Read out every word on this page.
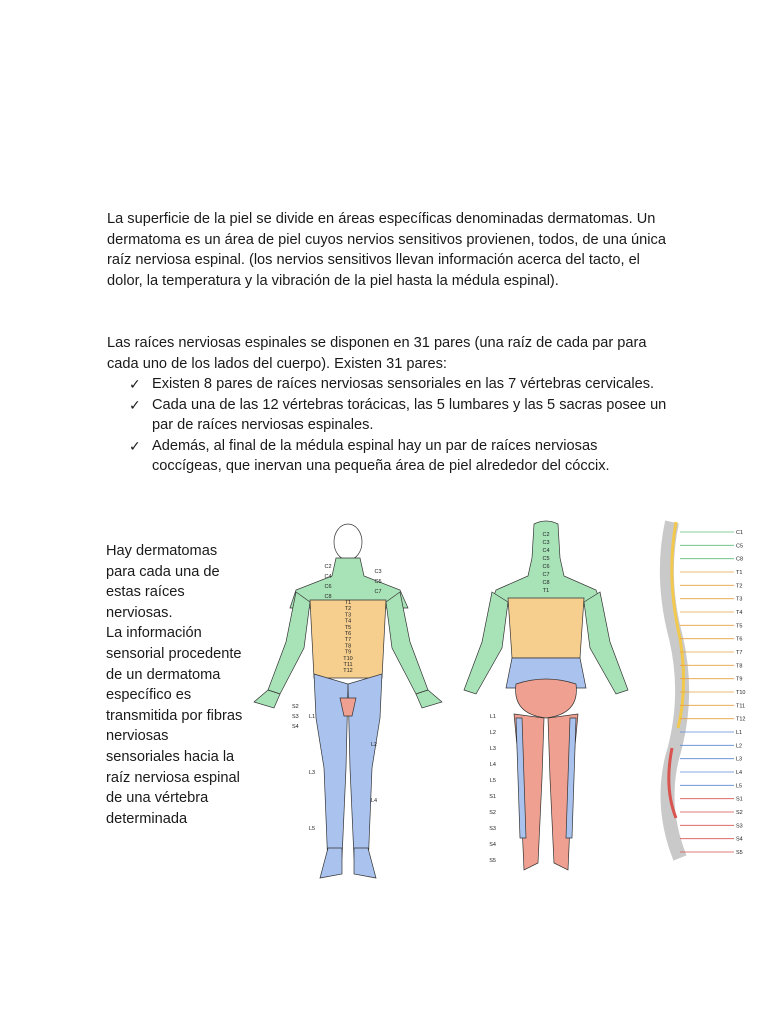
La superficie de la piel se divide en áreas específicas denominadas dermatomas. Un dermatoma es un área de piel cuyos nervios sensitivos provienen, todos, de una única raíz nerviosa espinal. (los nervios sensitivos llevan información acerca del tacto, el dolor, la temperatura y la vibración de la piel hasta la médula espinal).
Las raíces nerviosas espinales se disponen en 31 pares (una raíz de cada par para cada uno de los lados del cuerpo). Existen 31 pares:
✓ Existen 8 pares de raíces nerviosas sensoriales en las 7 vértebras cervicales.
✓ Cada una de las 12 vértebras torácicas, las 5 lumbares y las 5 sacras posee un par de raíces nerviosas espinales.
✓ Además, al final de la médula espinal hay un par de raíces nerviosas coccígeas, que inervan una pequeña área de piel alrededor del cóccix.
Hay dermatomas para cada una de estas raíces nerviosas.
La información sensorial procedente de un dermatoma específico es transmitida por fibras nerviosas sensoriales hacia la raíz nerviosa espinal de una vértebra determinada
C2
C3
C4
C5
C6
C7
C8
T1
T2
T3
T4
T5
T6
T7
T8
T9
T10
T11
T12
L1
L2
L3
L4
L5
S2
S3
S4
C2
C3
C4
C5
C6
C7
C8
T1
L1
L2
L3
L4
L5
S1
S2
S3
S4
S5
C1
C5
C8
T1
T2
T3
T4
T5
T6
T7
T8
T9
T10
T11
T12
L1
L2
L3
L4
L5
S1
S2
S3
S4
S5
